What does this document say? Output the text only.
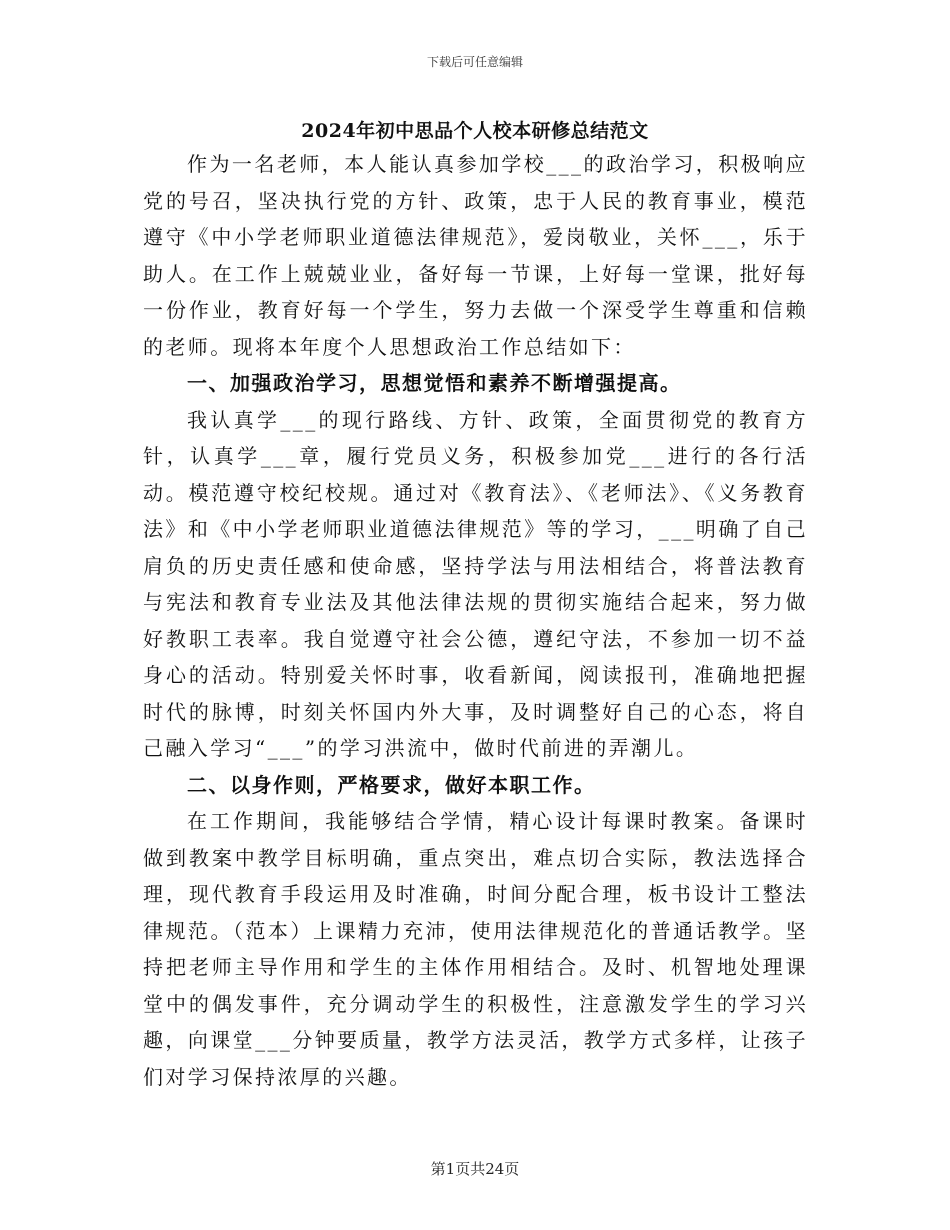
下载后可任意编辑
2024年初中思品个人校本研修总结范文

作为一名老师，本人能认真参加学校___的政治学习，积极响应党的号召，坚决执行党的方针、政策，忠于人民的教育事业，模范遵守《中小学老师职业道德法律规范》，爱岗敬业，关怀___，乐于助人。在工作上兢兢业业，备好每一节课，上好每一堂课，批好每一份作业，教育好每一个学生，努力去做一个深受学生尊重和信赖的老师。现将本年度个人思想政治工作总结如下：

一、加强政治学习，思想觉悟和素养不断增强提高。

我认真学___的现行路线、方针、政策，全面贯彻党的教育方针，认真学___章，履行党员义务，积极参加党___进行的各行活动。模范遵守校纪校规。通过对《教育法》、《老师法》、《义务教育法》和《中小学老师职业道德法律规范》等的学习，___明确了自己肩负的历史责任感和使命感，坚持学法与用法相结合，将普法教育与宪法和教育专业法及其他法律法规的贯彻实施结合起来，努力做好教职工表率。我自觉遵守社会公德，遵纪守法，不参加一切不益身心的活动。特别爱关怀时事，收看新闻，阅读报刊，准确地把握时代的脉博，时刻关怀国内外大事，及时调整好自己的心态，将自己融入学习“___”的学习洪流中，做时代前进的弄潮儿。

二、以身作则，严格要求，做好本职工作。

在工作期间，我能够结合学情，精心设计每课时教案。备课时做到教案中教学目标明确，重点突出，难点切合实际，教法选择合理，现代教育手段运用及时准确，时间分配合理，板书设计工整法律规范。（范本）上课精力充沛，使用法律规范化的普通话教学。坚持把老师主导作用和学生的主体作用相结合。及时、机智地处理课堂中的偶发事件，充分调动学生的积极性，注意激发学生的学习兴趣，向课堂___分钟要质量，教学方法灵活，教学方式多样，让孩子们对学习保持浓厚的兴趣。

第1页共24页
